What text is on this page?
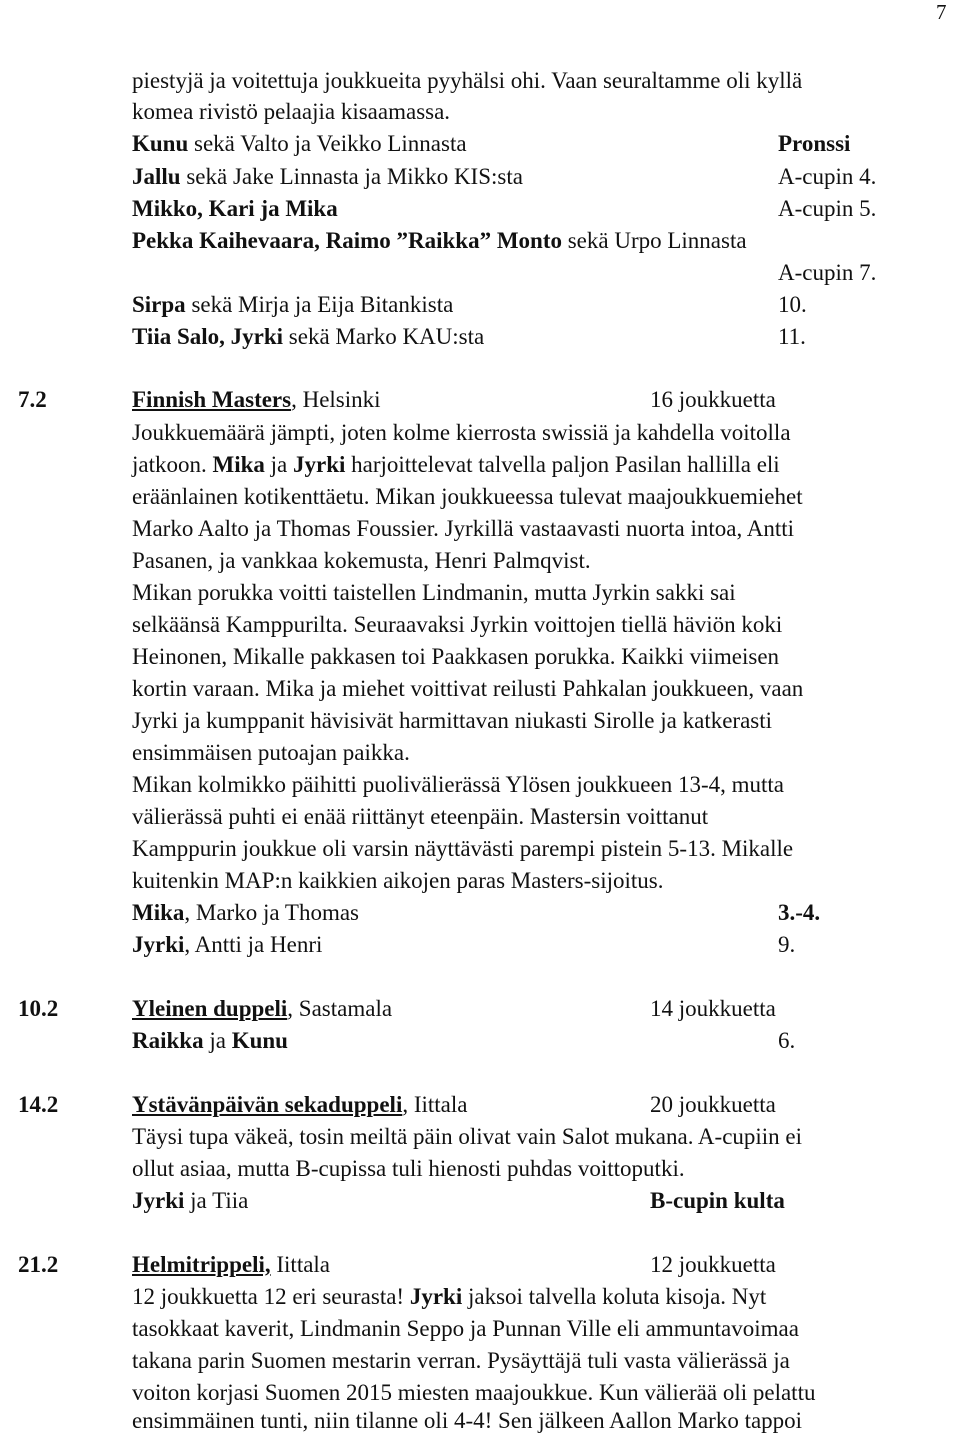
7
piestyjä ja voitettuja joukkueita pyyhälsi ohi. Vaan seuraltamme oli kyllä
komea rivistö pelaajia kisaamassa.
Kunu sekä Valto ja Veikko Linnasta	Pronssi
Jallu sekä Jake Linnasta ja Mikko KIS:sta	A-cupin 4.
Mikko, Kari ja Mika	A-cupin 5.
Pekka Kaihevaara, Raimo ”Raikka” Monto sekä Urpo Linnasta
A-cupin 7.
Sirpa sekä Mirja ja Eija Bitankista	10.
Tiia Salo, Jyrki sekä Marko KAU:sta	11.
7.2	Finnish Masters, Helsinki	16 joukkuetta
Joukkuemäärä jämpti, joten kolme kierrosta swissiä ja kahdella voitolla
jatkoon. Mika ja Jyrki harjoittelevat talvella paljon Pasilan hallilla eli
eräänlainen kotikenttäetu. Mikan joukkueessa tulevat maajoukkuemiehet
Marko Aalto ja Thomas Foussier. Jyrkillä vastaavasti nuorta intoa, Antti
Pasanen, ja vankkaa kokemusta, Henri Palmqvist.
Mikan porukka voitti taistellen Lindmanin, mutta Jyrkin sakki sai
selkäänsä Kamppurilta. Seuraavaksi Jyrkin voittojen tiellä häviön koki
Heinonen, Mikalle pakkasen toi Paakkasen porukka. Kaikki viimeisen
kortin varaan. Mika ja miehet voittivat reilusti Pahkalan joukkueen, vaan
Jyrki ja kumppanit hävisivät harmittavan niukasti Sirolle ja katkerasti
ensimmäisen putoajan paikka.
Mikan kolmikko päihitti puolivälierässä Ylösen joukkueen 13-4, mutta
välierässä puhti ei enää riittänyt eteenpäin. Mastersin voittanut
Kamppurin joukkue oli varsin näyttävästi parempi pistein 5-13. Mikalle
kuitenkin MAP:n kaikkien aikojen paras Masters-sijoitus.
Mika, Marko ja Thomas	3.-4.
Jyrki, Antti ja Henri	9.
10.2	Yleinen duppeli, Sastamala	14 joukkuetta
Raikka ja Kunu	6.
14.2	Ystävänpäivän sekaduppeli, Iittala	20 joukkuetta
Täysi tupa väkeä, tosin meiltä päin olivat vain Salot mukana. A-cupiin ei
ollut asiaa, mutta B-cupissa tuli hienosti puhdas voittoputki.
Jyrki ja Tiia	B-cupin kulta
21.2	Helmitrippeli, Iittala	12 joukkuetta
12 joukkuetta 12 eri seurasta! Jyrki jaksoi talvella koluta kisoja. Nyt
tasokkaat kaverit, Lindmanin Seppo ja Punnan Ville eli ammuntavoimaa
takana parin Suomen mestarin verran. Pysäyttäjä tuli vasta välierässä ja
voiton korjasi Suomen 2015 miesten maajoukkue. Kun välierää oli pelattu
ensimmäinen tunti, niin tilanne oli 4-4! Sen jälkeen Aallon Marko tappoi
